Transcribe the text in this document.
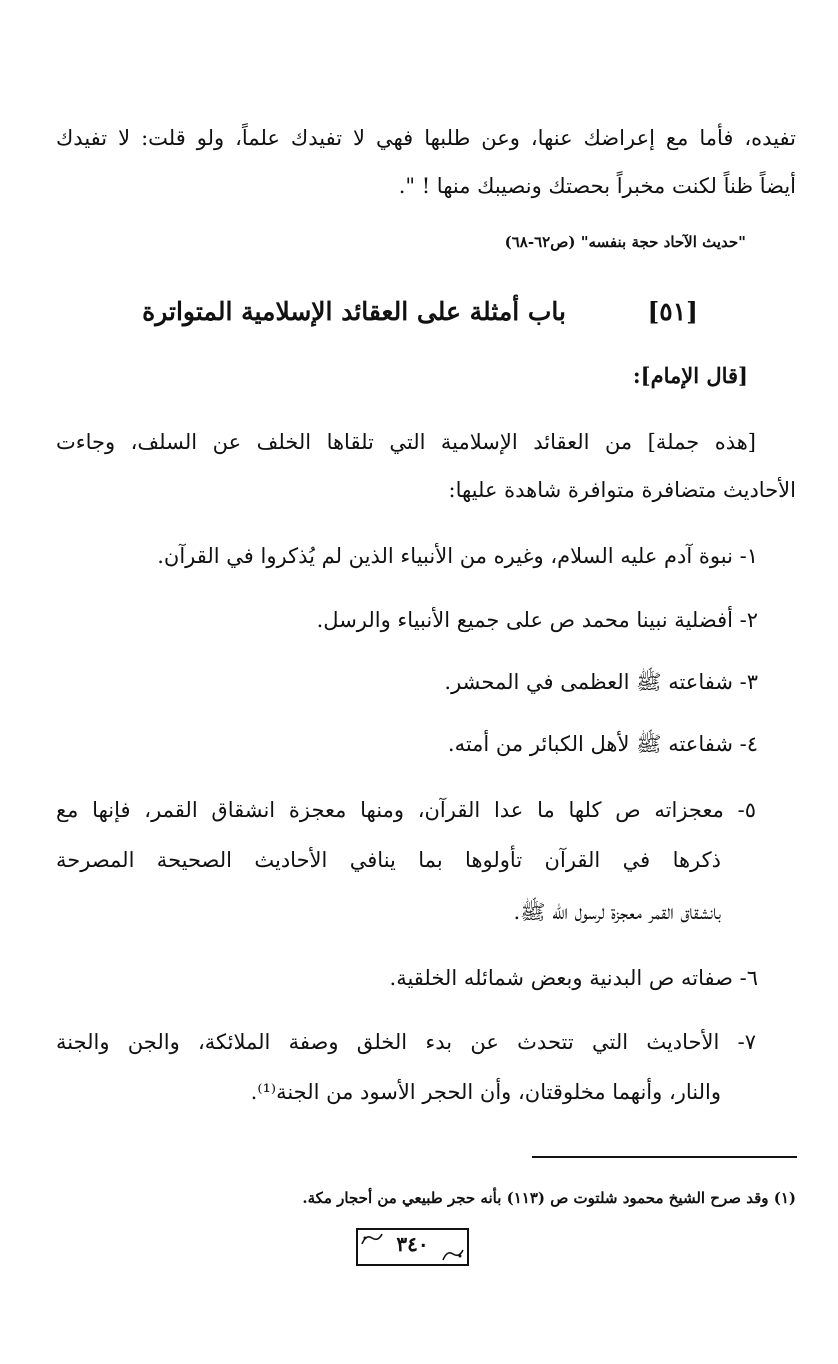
تفيده، فأما مع إعراضك عنها، وعن طلبها فهي لا تفيدك علماً، ولو قلت: لا تفيدك
أيضاً ظناً لكنت مخبراً بحصتك ونصيبك منها ! ".
"حديث الآحاد حجة بنفسه" (ص٦٢-٦٨)
[٥١]
باب أمثلة على العقائد الإسلامية المتواترة
[قال الإمام]:
[هذه جملة] من العقائد الإسلامية التي تلقاها الخلف عن السلف، وجاءت
الأحاديث متضافرة متوافرة شاهدة عليها:
١- نبوة آدم عليه السلام، وغيره من الأنبياء الذين لم يُذكروا في القرآن.
٢- أفضلية نبينا محمد ص على جميع الأنبياء والرسل.
٣- شفاعته ﷺ العظمى في المحشر.
٤- شفاعته ﷺ لأهل الكبائر من أمته.
٥- معجزاته ص كلها ما عدا القرآن، ومنها معجزة انشقاق القمر، فإنها مع
ذكرها في القرآن تأولوها بما ينافي الأحاديث الصحيحة المصرحة
بانشقاق القمر معجزة لرسول الله ﷺ.
٦- صفاته ص البدنية وبعض شمائله الخلقية.
٧- الأحاديث التي تتحدث عن بدء الخلق وصفة الملائكة، والجن والجنة
والنار، وأنهما مخلوقتان، وأن الحجر الأسود من الجنة⁽¹⁾.
(١) وقد صرح الشيخ محمود شلتوت ص (١١٣) بأنه حجر طبيعي من أحجار مكة.
٣٤٠
